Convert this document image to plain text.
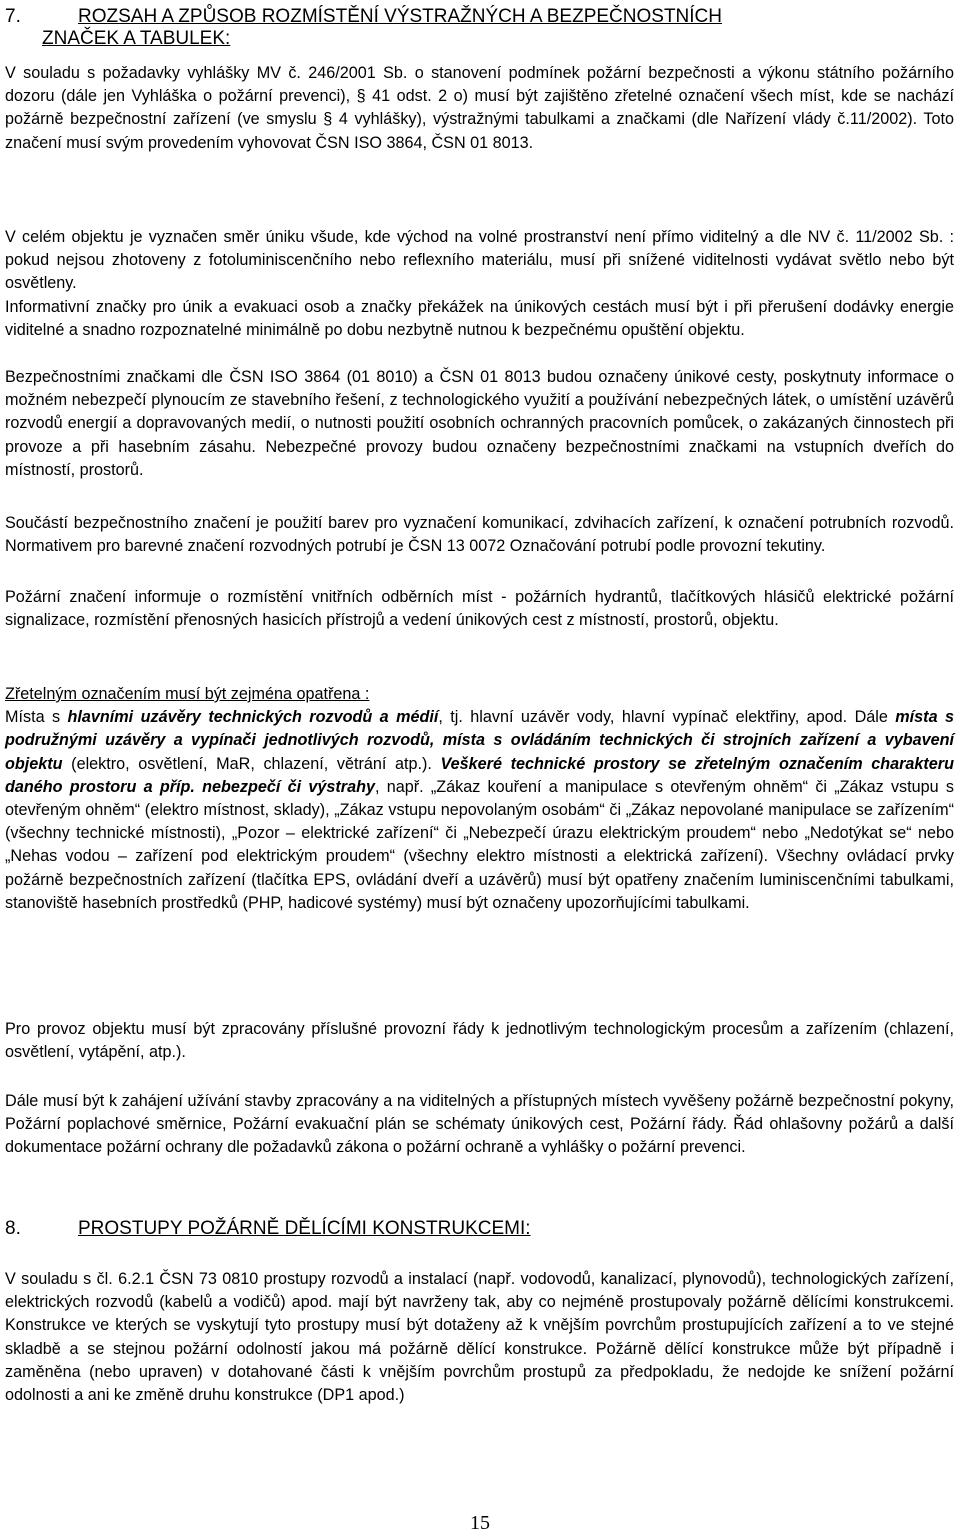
7.	ROZSAH A ZPŮSOB ROZMÍSTĚNÍ VÝSTRAŽNÝCH A BEZPEČNOSTNÍCH
ZNAČEK A TABULEK:

V souladu s požadavky vyhlášky MV č. 246/2001 Sb. o stanovení podmínek požární bezpečnosti a výkonu státního požárního dozoru (dále jen Vyhláška o požární prevenci), § 41 odst. 2 o) musí být zajištěno zřetelné označení všech míst, kde se nachází požárně bezpečnostní zařízení (ve smyslu § 4 vyhlášky), výstražnými tabulkami a značkami (dle Nařízení vlády č.11/2002). Toto značení musí svým provedením vyhovovat ČSN ISO 3864, ČSN 01 8013.

V celém objektu je vyznačen směr úniku všude, kde východ na volné prostranství není přímo viditelný a dle NV č. 11/2002 Sb. : pokud nejsou zhotoveny z fotoluminiscenčního nebo reflexního materiálu, musí při snížené viditelnosti vydávat světlo nebo být osvětleny.

Informativní značky pro únik a evakuaci osob a značky překážek na únikových cestách musí být i při přerušení dodávky energie viditelné a snadno rozpoznatelné minimálně po dobu nezbytně nutnou k bezpečnému opuštění objektu.

Bezpečnostními značkami dle ČSN ISO 3864 (01 8010) a ČSN 01 8013 budou označeny únikové cesty, poskytnuty informace o možném nebezpečí plynoucím ze stavebního řešení, z technologického využití a používání nebezpečných látek, o umístění uzávěrů rozvodů energií a dopravovaných medií, o nutnosti použití osobních ochranných pracovních pomůcek, o zakázaných činnostech při provoze a při hasebním zásahu. Nebezpečné provozy budou označeny bezpečnostními značkami na vstupních dveřích do místností, prostorů.

Součástí bezpečnostního značení je použití barev pro vyznačení komunikací, zdvihacích zařízení, k označení potrubních rozvodů. Normativem pro barevné značení rozvodných potrubí je ČSN 13 0072 Označování potrubí podle provozní tekutiny.

Požární značení informuje o rozmístění vnitřních odběrních míst - požárních hydrantů, tlačítkových hlásičů elektrické požární signalizace, rozmístění přenosných hasicích přístrojů a vedení únikových cest z místností, prostorů, objektu.

Zřetelným označením musí být zejména opatřena :

Místa s hlavními uzávěry technických rozvodů a médií, tj. hlavní uzávěr vody, hlavní vypínač elektřiny, apod. Dále místa s podružnými uzávěry a vypínači jednotlivých rozvodů, místa s ovládáním technických či strojních zařízení a vybavení objektu (elektro, osvětlení, MaR, chlazení, větrání atp.). Veškeré technické prostory se zřetelným označením charakteru daného prostoru a příp. nebezpečí či výstrahy, např. „Zákaz kouření a manipulace s otevřeným ohněm“ či „Zákaz vstupu s otevřeným ohněm“ (elektro místnost, sklady), „Zákaz vstupu nepovolaným osobám“ či „Zákaz nepovolané manipulace se zařízením“ (všechny technické místnosti), „Pozor – elektrické zařízení“ či „Nebezpečí úrazu elektrickým proudem“ nebo „Nedotýkat se“ nebo „Nehas vodou – zařízení pod elektrickým proudem“ (všechny elektro místnosti a elektrická zařízení). Všechny ovládací prvky požárně bezpečnostních zařízení (tlačítka EPS, ovládání dveří a uzávěrů) musí být opatřeny značením luminiscenčními tabulkami, stanoviště hasebních prostředků (PHP, hadicové systémy) musí být označeny upozorňujícími tabulkami.

Pro provoz objektu musí být zpracovány příslušné provozní řády k jednotlivým technologickým procesům a zařízením (chlazení, osvětlení, vytápění, atp.).

Dále musí být k zahájení užívání stavby zpracovány a na viditelných a přístupných místech vyvěšeny požárně bezpečnostní pokyny, Požární poplachové směrnice, Požární evakuační plán se schématy únikových cest, Požární řády. Řád ohlašovny požárů a další dokumentace požární ochrany dle požadavků zákona o požární ochraně a vyhlášky o požární prevenci.

8.	PROSTUPY POŽÁRNĚ DĚLÍCÍMI KONSTRUKCEMI:

V souladu s čl. 6.2.1 ČSN 73 0810 prostupy rozvodů a instalací (např. vodovodů, kanalizací, plynovodů), technologických zařízení, elektrických rozvodů (kabelů a vodičů) apod. mají být navrženy tak, aby co nejméně prostupovaly požárně dělícími konstrukcemi. Konstrukce ve kterých se vyskytují tyto prostupy musí být dotaženy až k vnějším povrchům prostupujících zařízení a to ve stejné skladbě a se stejnou požární odolností jakou má požárně dělící konstrukce. Požárně dělící konstrukce může být případně i zaměněna (nebo upraven) v dotahované části k vnějším povrchům prostupů za předpokladu, že nedojde ke snížení požární odolnosti a ani ke změně druhu konstrukce (DP1 apod.)

15
